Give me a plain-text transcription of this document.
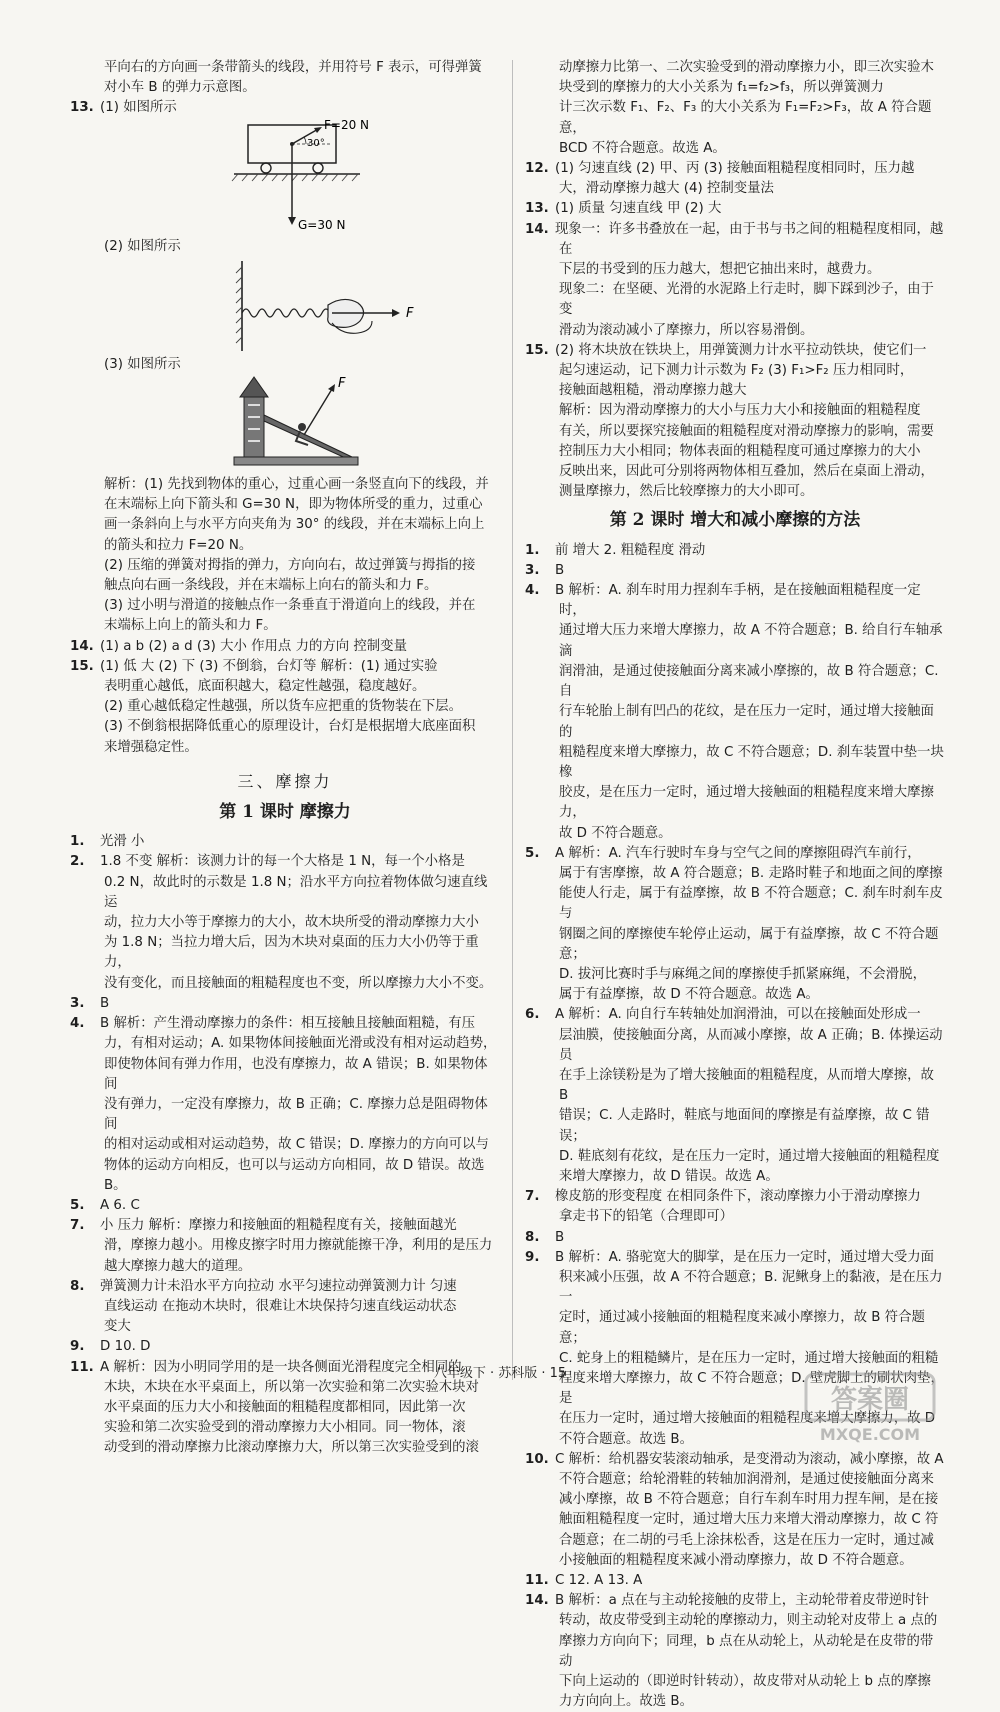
平向右的方向画一条带箭头的线段，并用符号 F 表示，可得弹簧

对小车 B 的弹力示意图。

13. (1) 如图所示

F=20 N
30°
G=30 N

(2) 如图所示

F

(3) 如图所示

F

解析：(1) 先找到物体的重心，过重心画一条竖直向下的线段，并

在末端标上向下箭头和 G=30 N，即为物体所受的重力，过重心

画一条斜向上与水平方向夹角为 30° 的线段，并在末端标上向上

的箭头和拉力 F=20 N。

(2) 压缩的弹簧对拇指的弹力，方向向右，故过弹簧与拇指的接

触点向右画一条线段，并在末端标上向右的箭头和力 F。

(3) 过小明与滑道的接触点作一条垂直于滑道向上的线段，并在

末端标上向上的箭头和力 F。

14. (1) a b (2) a d (3) 大小 作用点 力的方向 控制变量

15. (1) 低 大 (2) 下 (3) 不倒翁，台灯等 解析：(1) 通过实验

表明重心越低，底面积越大，稳定性越强，稳度越好。

(2) 重心越低稳定性越强，所以货车应把重的货物装在下层。

(3) 不倒翁根据降低重心的原理设计，台灯是根据增大底座面积

来增强稳定性。

三、摩擦力
第 1 课时 摩擦力

1. 光滑 小

2. 1.8 不变 解析：该测力计的每一个大格是 1 N，每一个小格是

0.2 N，故此时的示数是 1.8 N；沿水平方向拉着物体做匀速直线运

动，拉力大小等于摩擦力的大小，故木块所受的滑动摩擦力大小

为 1.8 N；当拉力增大后，因为木块对桌面的压力大小仍等于重力，

没有变化，而且接触面的粗糙程度也不变，所以摩擦力大小不变。

3. B

4. B 解析：产生滑动摩擦力的条件：相互接触且接触面粗糙，有压

力，有相对运动；A. 如果物体间接触面光滑或没有相对运动趋势，

即使物体间有弹力作用，也没有摩擦力，故 A 错误；B. 如果物体间

没有弹力，一定没有摩擦力，故 B 正确；C. 摩擦力总是阻碍物体间

的相对运动或相对运动趋势，故 C 错误；D. 摩擦力的方向可以与

物体的运动方向相反，也可以与运动方向相同，故 D 错误。故选 B。

5. A 6. C

7. 小 压力 解析：摩擦力和接触面的粗糙程度有关，接触面越光

滑，摩擦力越小。用橡皮擦字时用力擦就能擦干净，利用的是压力

越大摩擦力越大的道理。

8. 弹簧测力计未沿水平方向拉动 水平匀速拉动弹簧测力计 匀速

直线运动 在拖动木块时，很难让木块保持匀速直线运动状态

变大

9. D 10. D

11. A 解析：因为小明同学用的是一块各侧面光滑程度完全相同的

木块，木块在水平桌面上，所以第一次实验和第二次实验木块对

水平桌面的压力大小和接触面的粗糙程度都相同，因此第一次

实验和第二次实验受到的滑动摩擦力大小相同。同一物体，滚

动受到的滑动摩擦力比滚动摩擦力大，所以第三次实验受到的滚

动摩擦力比第一、二次实验受到的滑动摩擦力小，即三次实验木

块受到的摩擦力的大小关系为 f₁=f₂>f₃，所以弹簧测力

计三次示数 F₁、F₂、F₃ 的大小关系为 F₁=F₂>F₃，故 A 符合题意，

BCD 不符合题意。故选 A。

12. (1) 匀速直线 (2) 甲、丙 (3) 接触面粗糙程度相同时，压力越

大，滑动摩擦力越大 (4) 控制变量法

13. (1) 质量 匀速直线 甲 (2) 大

14. 现象一：许多书叠放在一起，由于书与书之间的粗糙程度相同，越在

下层的书受到的压力越大，想把它抽出来时，越费力。

现象二：在坚硬、光滑的水泥路上行走时，脚下踩到沙子，由于变

滑动为滚动减小了摩擦力，所以容易滑倒。

15. (2) 将木块放在铁块上，用弹簧测力计水平拉动铁块，使它们一

起匀速运动，记下测力计示数为 F₂ (3) F₁>F₂ 压力相同时，

接触面越粗糙，滑动摩擦力越大

解析：因为滑动摩擦力的大小与压力大小和接触面的粗糙程度

有关，所以要探究接触面的粗糙程度对滑动摩擦力的影响，需要

控制压力大小相同；物体表面的粗糙程度可通过摩擦力的大小

反映出来，因此可分别将两物体相互叠加，然后在桌面上滑动，

测量摩擦力，然后比较摩擦力的大小即可。

第 2 课时 增大和减小摩擦的方法

1. 前 增大 2. 粗糙程度 滑动

3. B

4. B 解析：A. 刹车时用力捏刹车手柄，是在接触面粗糙程度一定时，

通过增大压力来增大摩擦力，故 A 不符合题意；B. 给自行车轴承滴

润滑油，是通过使接触面分离来减小摩擦的，故 B 符合题意；C. 自

行车轮胎上制有凹凸的花纹，是在压力一定时，通过增大接触面的

粗糙程度来增大摩擦力，故 C 不符合题意；D. 刹车装置中垫一块橡

胶皮，是在压力一定时，通过增大接触面的粗糙程度来增大摩擦力，

故 D 不符合题意。

5. A 解析：A. 汽车行驶时车身与空气之间的摩擦阻碍汽车前行，

属于有害摩擦，故 A 符合题意；B. 走路时鞋子和地面之间的摩擦

能使人行走，属于有益摩擦，故 B 不符合题意；C. 刹车时刹车皮与

钢圈之间的摩擦使车轮停止运动，属于有益摩擦，故 C 不符合题意；

D. 拔河比赛时手与麻绳之间的摩擦使手抓紧麻绳，不会滑脱，

属于有益摩擦，故 D 不符合题意。故选 A。

6. A 解析：A. 向自行车转轴处加润滑油，可以在接触面处形成一

层油膜，使接触面分离，从而减小摩擦，故 A 正确；B. 体操运动员

在手上涂镁粉是为了增大接触面的粗糙程度，从而增大摩擦，故 B

错误；C. 人走路时，鞋底与地面间的摩擦是有益摩擦，故 C 错误；

D. 鞋底刻有花纹，是在压力一定时，通过增大接触面的粗糙程度

来增大摩擦力，故 D 错误。故选 A。

7. 橡皮筋的形变程度 在相同条件下，滚动摩擦力小于滑动摩擦力

拿走书下的铅笔（合理即可）

8. B

9. B 解析：A. 骆驼宽大的脚掌，是在压力一定时，通过增大受力面

积来减小压强，故 A 不符合题意；B. 泥鳅身上的黏液，是在压力一

定时，通过减小接触面的粗糙程度来减小摩擦力，故 B 符合题意；

C. 蛇身上的粗糙鳞片，是在压力一定时，通过增大接触面的粗糙

程度来增大摩擦力，故 C 不符合题意；D. 壁虎脚上的刷状肉垫，是

在压力一定时，通过增大接触面的粗糙程度来增大摩擦力，故 D

不符合题意。故选 B。

10. C 解析：给机器安装滚动轴承，是变滑动为滚动，减小摩擦，故 A

不符合题意；给轮滑鞋的转轴加润滑剂，是通过使接触面分离来

减小摩擦，故 B 不符合题意；自行车刹车时用力捏车闸，是在接

触面粗糙程度一定时，通过增大压力来增大滑动摩擦力，故 C 符

合题意；在二胡的弓毛上涂抹松香，这是在压力一定时，通过减

小接触面的粗糙程度来减小滑动摩擦力，故 D 不符合题意。

11. C 12. A 13. A

14. B 解析：a 点在与主动轮接触的皮带上，主动轮带着皮带逆时针

转动，故皮带受到主动轮的摩擦动力，则主动轮对皮带上 a 点的

摩擦力方向向下；同理，b 点在从动轮上，从动轮是在皮带的带动

下向上运动的（即逆时针转动），故皮带对从动轮上 b 点的摩擦

力方向向上。故选 B。

八年级下 · 苏科版 · 15
答案圈
MXQE.COM
